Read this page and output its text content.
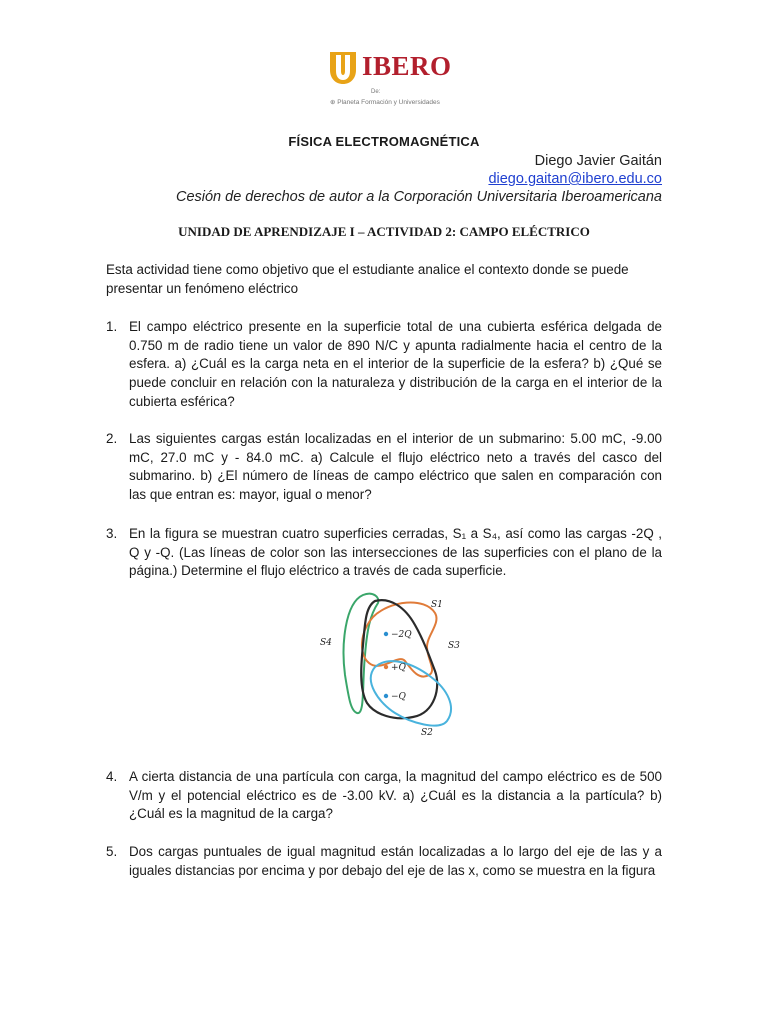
IBERO
De:
⊕ Planeta Formación y Universidades
FÍSICA ELECTROMAGNÉTICA
Diego Javier Gaitán
diego.gaitan@ibero.edu.co
Cesión de derechos de autor a la Corporación Universitaria Iberoamericana
UNIDAD DE APRENDIZAJE I – ACTIVIDAD 2: CAMPO ELÉCTRICO
Esta actividad tiene como objetivo que el estudiante analice el contexto donde se puede presentar un fenómeno eléctrico
1. El campo eléctrico presente en la superficie total de una cubierta esférica delgada de 0.750 m de radio tiene un valor de 890 N/C y apunta radialmente hacia el centro de la esfera. a) ¿Cuál es la carga neta en el interior de la superficie de la esfera? b) ¿Qué se puede concluir en relación con la naturaleza y distribución de la carga en el interior de la cubierta esférica?
2. Las siguientes cargas están localizadas en el interior de un submarino: 5.00 mC, -9.00 mC, 27.0 mC y - 84.0 mC. a) Calcule el flujo eléctrico neto a través del casco del submarino. b) ¿El número de líneas de campo eléctrico que salen en comparación con las que entran es: mayor, igual o menor?
3. En la figura se muestran cuatro superficies cerradas, S₁ a S₄, así como las cargas -2Q , Q y -Q. (Las líneas de color son las intersecciones de las superficies con el plano de la página.) Determine el flujo eléctrico a través de cada superficie.
−2Q
+Q
−Q
S1
S3
S4
S2
4. A cierta distancia de una partícula con carga, la magnitud del campo eléctrico es de 500 V/m y el potencial eléctrico es de -3.00 kV. a) ¿Cuál es la distancia a la partícula? b) ¿Cuál es la magnitud de la carga?
5. Dos cargas puntuales de igual magnitud están localizadas a lo largo del eje de las y a iguales distancias por encima y por debajo del eje de las x, como se muestra en la figura
